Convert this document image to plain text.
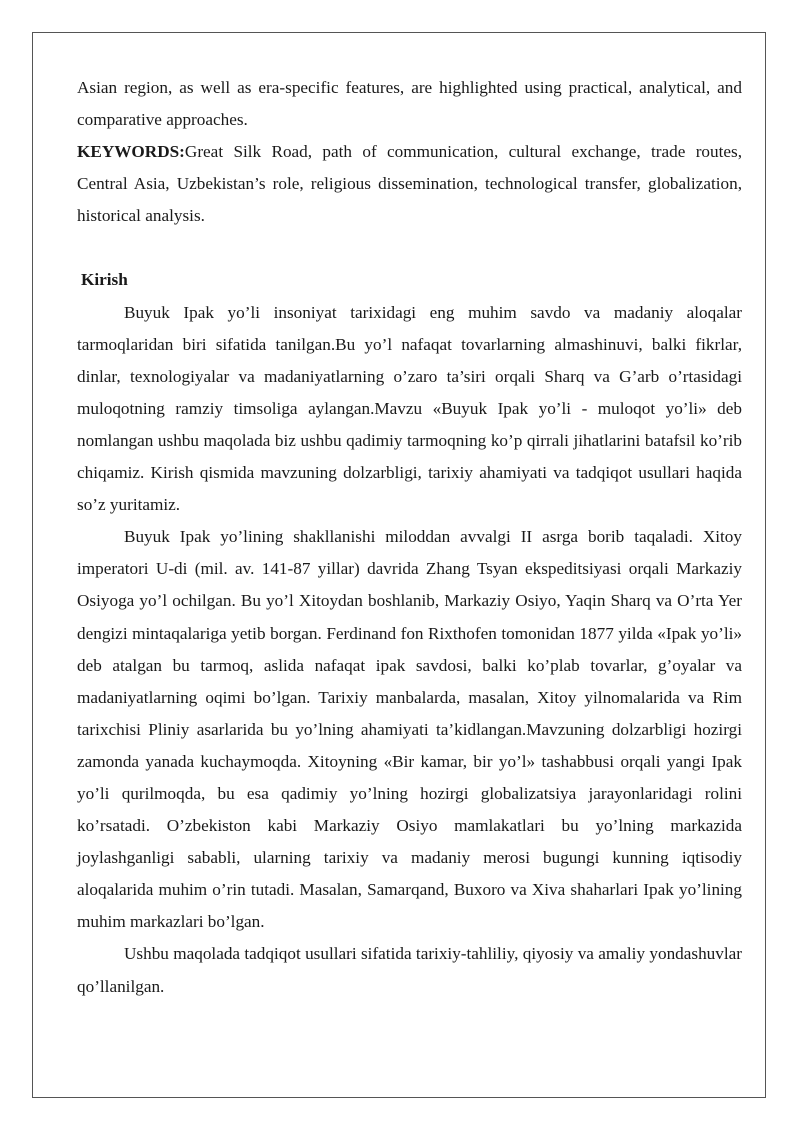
Asian region, as well as era-specific features, are highlighted using practical, analytical, and comparative approaches.

KEYWORDS:Great Silk Road, path of communication, cultural exchange, trade routes, Central Asia, Uzbekistan’s role, religious dissemination, technological transfer, globalization, historical analysis.

Kirish

Buyuk Ipak yo’li insoniyat tarixidagi eng muhim savdo va madaniy aloqalar tarmoqlaridan biri sifatida tanilgan.Bu yo’l nafaqat tovarlarning almashinuvi, balki fikrlar, dinlar, texnologiyalar va madaniyatlarning o’zaro ta’siri orqali Sharq va G’arb o’rtasidagi muloqotning ramziy timsoliga aylangan.Mavzu «Buyuk Ipak yo’li - muloqot yo’li» deb nomlangan ushbu maqolada biz ushbu qadimiy tarmoqning ko’p qirrali jihatlarini batafsil ko’rib chiqamiz. Kirish qismida mavzuning dolzarbligi, tarixiy ahamiyati va tadqiqot usullari haqida so’z yuritamiz.

Buyuk Ipak yo’lining shakllanishi miloddan avvalgi II asrga borib taqaladi. Xitoy imperatori U-di (mil. av. 141-87 yillar) davrida Zhang Tsyan ekspeditsiyasi orqali Markaziy Osiyoga yo’l ochilgan. Bu yo’l Xitoydan boshlanib, Markaziy Osiyo, Yaqin Sharq va O’rta Yer dengizi mintaqalariga yetib borgan. Ferdinand fon Rixthofen tomonidan 1877 yilda «Ipak yo’li» deb atalgan bu tarmoq, aslida nafaqat ipak savdosi, balki ko’plab tovarlar, g’oyalar va madaniyatlarning oqimi bo’lgan. Tarixiy manbalarda, masalan, Xitoy yilnomalarida va Rim tarixchisi Pliniy asarlarida bu yo’lning ahamiyati ta’kidlangan.Mavzuning dolzarbligi hozirgi zamonda yanada kuchaymoqda. Xitoyning «Bir kamar, bir yo’l» tashabbusi orqali yangi Ipak yo’li qurilmoqda, bu esa qadimiy yo’lning hozirgi globalizatsiya jarayonlaridagi rolini ko’rsatadi. O’zbekiston kabi Markaziy Osiyo mamlakatlari bu yo’lning markazida joylashganligi sababli, ularning tarixiy va madaniy merosi bugungi kunning iqtisodiy aloqalarida muhim o’rin tutadi. Masalan, Samarqand, Buxoro va Xiva shaharlari Ipak yo’lining muhim markazlari bo’lgan.

Ushbu maqolada tadqiqot usullari sifatida tarixiy-tahliliy, qiyosiy va amaliy yondashuvlar qo’llanilgan.
